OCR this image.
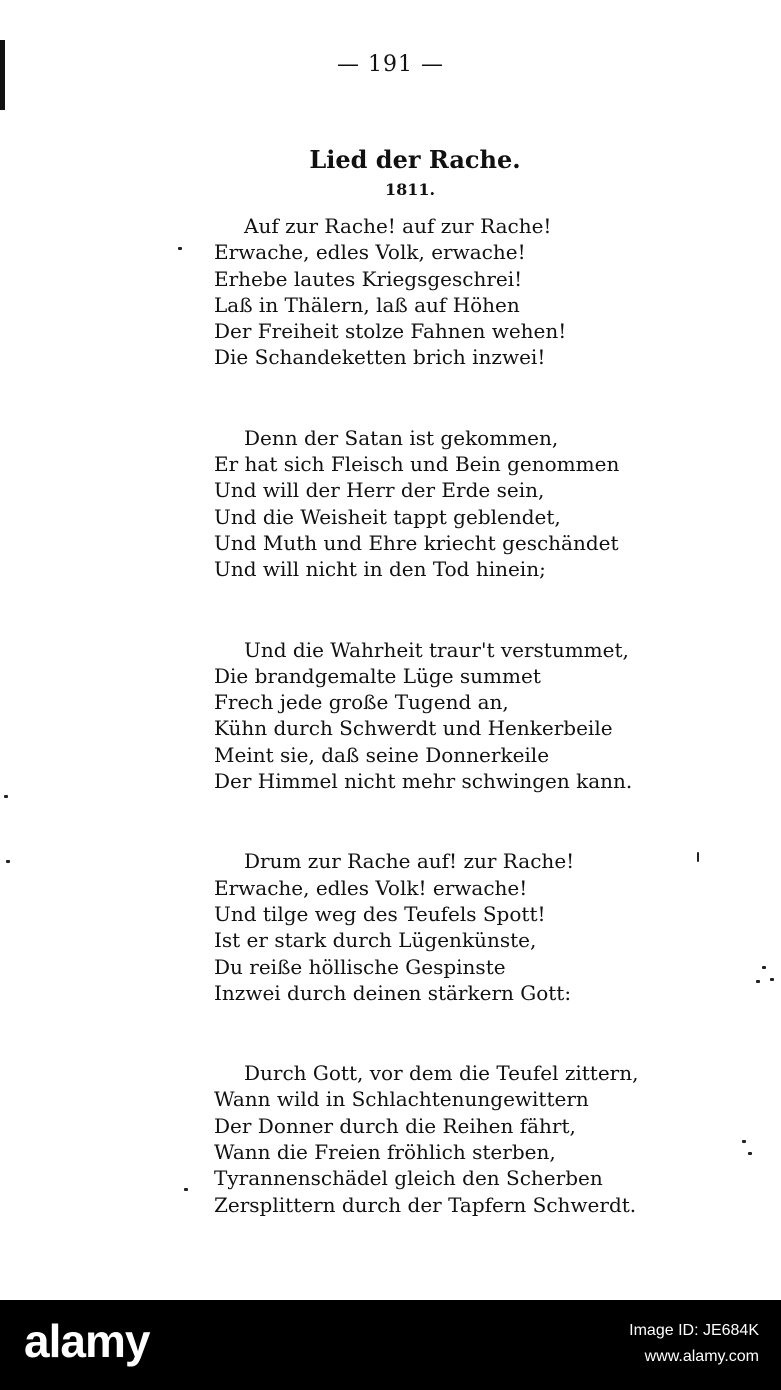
— 191 —
Lied der Rache.
1811.
Auf zur Rache! auf zur Rache!
Erwache, edles Volk, erwache!
Erhebe lautes Kriegsgeschrei!
Laß in Thälern, laß auf Höhen
Der Freiheit stolze Fahnen wehen!
Die Schandeketten brich inzwei!
Denn der Satan ist gekommen,
Er hat sich Fleisch und Bein genommen
Und will der Herr der Erde sein,
Und die Weisheit tappt geblendet,
Und Muth und Ehre kriecht geschändet
Und will nicht in den Tod hinein;
Und die Wahrheit traur't verstummet,
Die brandgemalte Lüge summet
Frech jede große Tugend an,
Kühn durch Schwerdt und Henkerbeile
Meint sie, daß seine Donnerkeile
Der Himmel nicht mehr schwingen kann.
Drum zur Rache auf! zur Rache!
Erwache, edles Volk! erwache!
Und tilge weg des Teufels Spott!
Ist er stark durch Lügenkünste,
Du reiße höllische Gespinste
Inzwei durch deinen stärkern Gott:
Durch Gott, vor dem die Teufel zittern,
Wann wild in Schlachtenungewittern
Der Donner durch die Reihen fährt,
Wann die Freien fröhlich sterben,
Tyrannenschädel gleich den Scherben
Zersplittern durch der Tapfern Schwerdt.
alamy	Image ID: JE684K
www.alamy.com
